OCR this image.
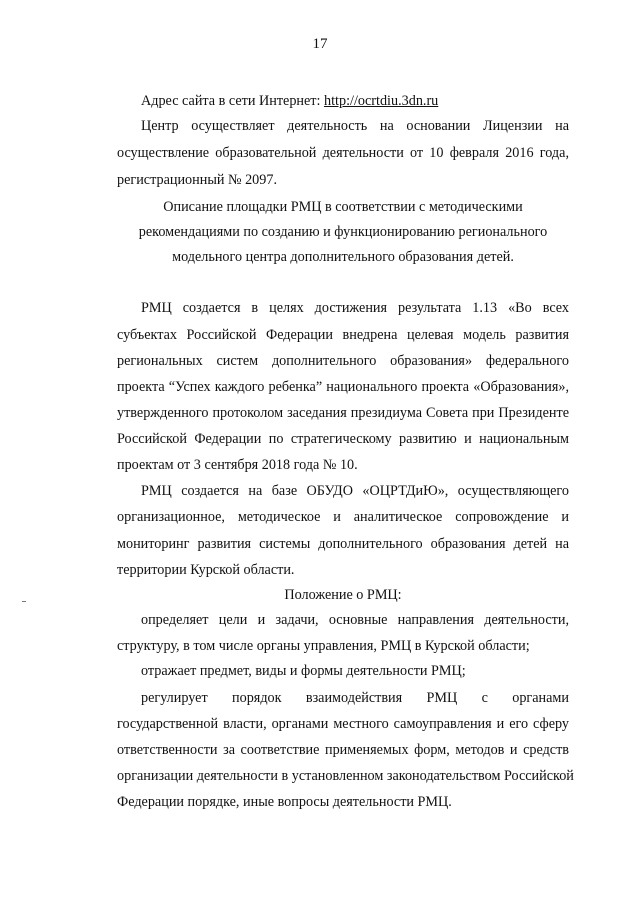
17
Адрес сайта в сети Интернет: http://ocrtdiu.3dn.ru
Центр осуществляет деятельность на основании Лицензии на
осуществление образовательной деятельности от 10 февраля 2016 года,
регистрационный № 2097.
Описание площадки РМЦ в соответствии с методическими
рекомендациями по созданию и функционированию регионального
модельного центра дополнительного образования детей.
РМЦ создается в целях достижения результата 1.13 «Во всех
субъектах Российской Федерации внедрена целевая модель развития
региональных систем дополнительного образования» федерального
проекта “Успех каждого ребенка” национального проекта «Образования»,
утвержденного протоколом заседания президиума Совета при Президенте
Российской Федерации по стратегическому развитию и национальным
проектам от 3 сентября 2018 года № 10.
РМЦ создается на базе ОБУДО «ОЦРТДиЮ», осуществляющего
организационное, методическое и аналитическое сопровождение и
мониторинг развития системы дополнительного образования детей на
территории Курской области.
Положение о РМЦ:
определяет цели и задачи, основные направления деятельности,
структуру, в том числе органы управления, РМЦ в Курской области;
отражает предмет, виды и формы деятельности РМЦ;
регулирует порядок взаимодействия РМЦ с органами
государственной власти, органами местного самоуправления и его сферу
ответственности за соответствие применяемых форм, методов и средств
организации деятельности в установленном законодательством Российской
Федерации порядке, иные вопросы деятельности РМЦ.
